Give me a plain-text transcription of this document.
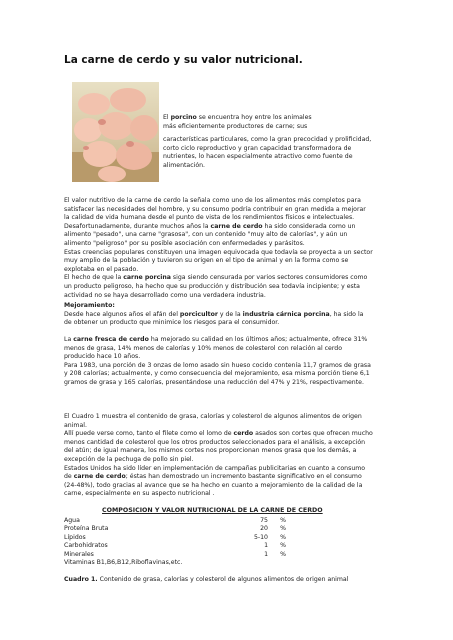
La carne de cerdo y su valor nutricional.

El porcino se encuentra hoy entre los animales

más eficientemente productores de carne; sus

características particulares, como la gran precocidad y prolificidad,

corto ciclo reproductivo y gran capacidad transformadora de

nutrientes, lo hacen especialmente atractivo como fuente de

alimentación.

El valor nutritivo de la carne de cerdo la señala como uno de los alimentos más completos para

satisfacer las necesidades del hombre, y su consumo podría contribuir en gran medida a mejorar

la calidad de vida humana desde el punto de vista de los rendimientos físicos e intelectuales.

Desafortunadamente, durante muchos años la carne de cerdo ha sido considerada como un

alimento "pesado", una carne "grasosa", con un contenido "muy alto de calorías", y aún un

alimento "peligroso" por su posible asociación con enfermedades y parásitos.

Estas creencias populares constituyen una imagen equivocada que todavía se proyecta a un sector

muy amplio de la población y tuvieron su origen en el tipo de animal y en la forma como se

explotaba en el pasado.

El hecho de que la carne porcina siga siendo censurada por varios sectores consumidores como

un producto peligroso, ha hecho que su producción y distribución sea todavía incipiente; y esta

actividad no se haya desarrollado como una verdadera industria.

Mejoramiento:

Desde hace algunos años el afán del porcicultor y de la industria cárnica porcina, ha sido la

de obtener un producto que minimice los riesgos para el consumidor.

La carne fresca de cerdo ha mejorado su calidad en los últimos años; actualmente, ofrece 31%

menos de grasa, 14% menos de calorías y 10% menos de colesterol con relación al cerdo

producido hace 10 años.

Para 1983, una porción de 3 onzas de lomo asado sin hueso cocido contenía 11,7 gramos de grasa

y 208 calorías; actualmente, y como consecuencia del mejoramiento, esa misma porción tiene 6,1

gramos de grasa y 165 calorías, presentándose una reducción del 47% y 21%, respectivamente.

El Cuadro 1 muestra el contenido de grasa, calorías y colesterol de algunos alimentos de origen

animal.

Allí puede verse como, tanto el filete como el lomo de cerdo asados son cortes que ofrecen mucho

menos cantidad de colesterol que los otros productos seleccionados para el análisis, a excepción

del atún; de igual manera, los mismos cortes nos proporcionan menos grasa que los demás, a

excepción de la pechuga de pollo sin piel.

Estados Unidos ha sido líder en implementación de campañas publicitarias en cuanto a consumo

de carne de cerdo; éstas han demostrado un incremento bastante significativo en el consumo

(24-48%), todo gracias al avance que se ha hecho en cuanto a mejoramiento de la calidad de la

carne, especialmente en su aspecto nutricional .

COMPOSICION Y VALOR NUTRICIONAL DE LA CARNE DE CERDO
Agua	75	%
Proteína Bruta	20	%
Lípidos	5-10	%
Carbohidratos	1	%
Minerales	1	%
Vitaminas B1,B6,B12,Riboflavinas,etc.
Cuadro 1. Contenido de grasa, calorías y colesterol de algunos alimentos de origen animal
